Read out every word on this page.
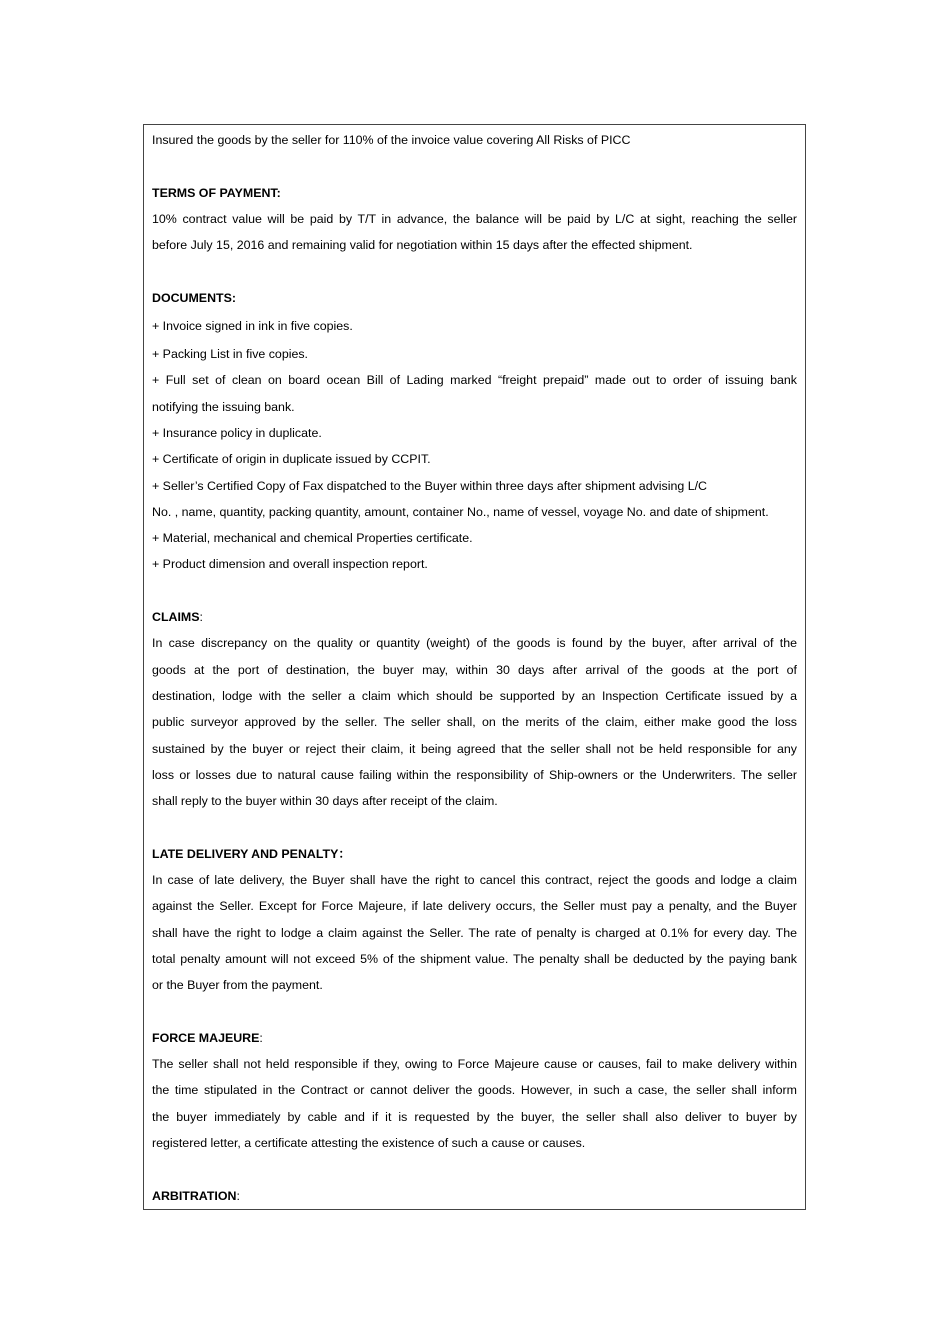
Insured the goods by the seller for 110% of the invoice value covering All Risks of PICC

TERMS OF PAYMENT:

10% contract value will be paid by T/T in advance, the balance will be paid by L/C at sight, reaching the seller

before July 15, 2016 and remaining valid for negotiation within 15 days after the effected shipment.

DOCUMENTS:

+ Invoice signed in ink in five copies.

+ Packing List in five copies.

+ Full set of clean on board ocean Bill of Lading marked “freight prepaid” made out to order of issuing bank

notifying the issuing bank.

+ Insurance policy in duplicate.

+ Certificate of origin in duplicate issued by CCPIT.

+ Seller’s Certified Copy of Fax dispatched to the Buyer within three days after shipment advising L/C

No. , name, quantity, packing quantity, amount, container No., name of vessel, voyage No. and date of shipment.

+ Material, mechanical and chemical Properties certificate.

+ Product dimension and overall inspection report.

CLAIMS:

In case discrepancy on the quality or quantity (weight) of the goods is found by the buyer, after arrival of the

goods at the port of destination, the buyer may, within 30 days after arrival of the goods at the port of

destination, lodge with the seller a claim which should be supported by an Inspection Certificate issued by a

public surveyor approved by the seller. The seller shall, on the merits of the claim, either make good the loss

sustained by the buyer or reject their claim, it being agreed that the seller shall not be held responsible for any

loss or losses due to natural cause failing within the responsibility of Ship-owners or the Underwriters. The seller

shall reply to the buyer within 30 days after receipt of the claim.

LATE DELIVERY AND PENALTY：

In case of late delivery, the Buyer shall have the right to cancel this contract, reject the goods and lodge a claim

against the Seller. Except for Force Majeure, if late delivery occurs, the Seller must pay a penalty, and the Buyer

shall have the right to lodge a claim against the Seller. The rate of penalty is charged at 0.1% for every day. The

total penalty amount will not exceed 5% of the shipment value. The penalty shall be deducted by the paying bank

or the Buyer from the payment.

FORCE MAJEURE:

The seller shall not held responsible if they, owing to Force Majeure cause or causes, fail to make delivery within

the time stipulated in the Contract or cannot deliver the goods. However, in such a case, the seller shall inform

the buyer immediately by cable and if it is requested by the buyer, the seller shall also deliver to buyer by

registered letter, a certificate attesting the existence of such a cause or causes.

ARBITRATION:
